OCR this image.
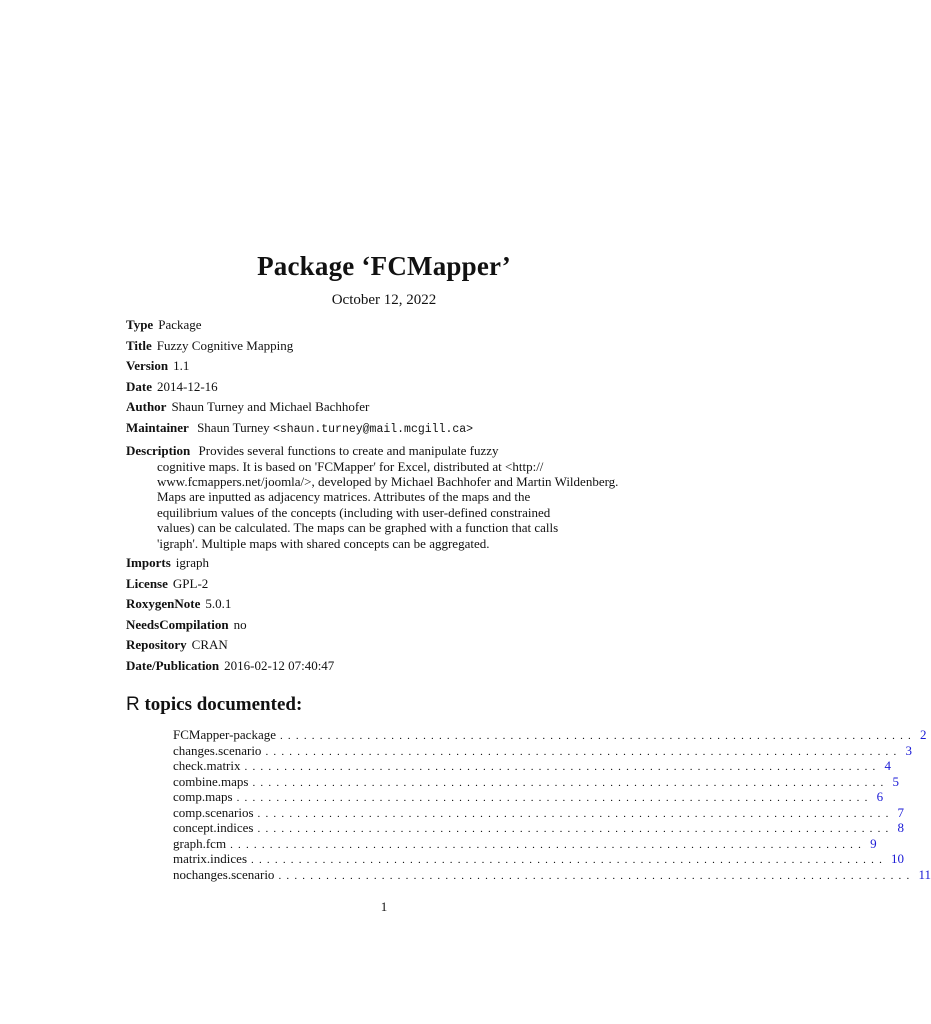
Package ‘FCMapper’
October 12, 2022
Type Package
Title Fuzzy Cognitive Mapping
Version 1.1
Date 2014-12-16
Author Shaun Turney and Michael Bachhofer
Maintainer Shaun Turney <shaun.turney@mail.mcgill.ca>
Description Provides several functions to create and manipulate fuzzy
cognitive maps. It is based on 'FCMapper' for Excel, distributed at <http://
www.fcmappers.net/joomla/>, developed by Michael Bachhofer and Martin Wildenberg.
Maps are inputted as adjacency matrices. Attributes of the maps and the
equilibrium values of the concepts (including with user-defined constrained
values) can be calculated. The maps can be graphed with a function that calls
'igraph'. Multiple maps with shared concepts can be aggregated.
Imports igraph
License GPL-2
RoxygenNote 5.0.1
NeedsCompilation no
Repository CRAN
Date/Publication 2016-02-12 07:40:47
R topics documented:
FCMapper-package ................................................................................ 2
changes.scenario ................................................................................ 3
check.matrix ................................................................................ 4
combine.maps ................................................................................ 5
comp.maps ................................................................................ 6
comp.scenarios ................................................................................ 7
concept.indices ................................................................................ 8
graph.fcm ................................................................................ 9
matrix.indices ................................................................................ 10
nochanges.scenario ................................................................................ 11
1
